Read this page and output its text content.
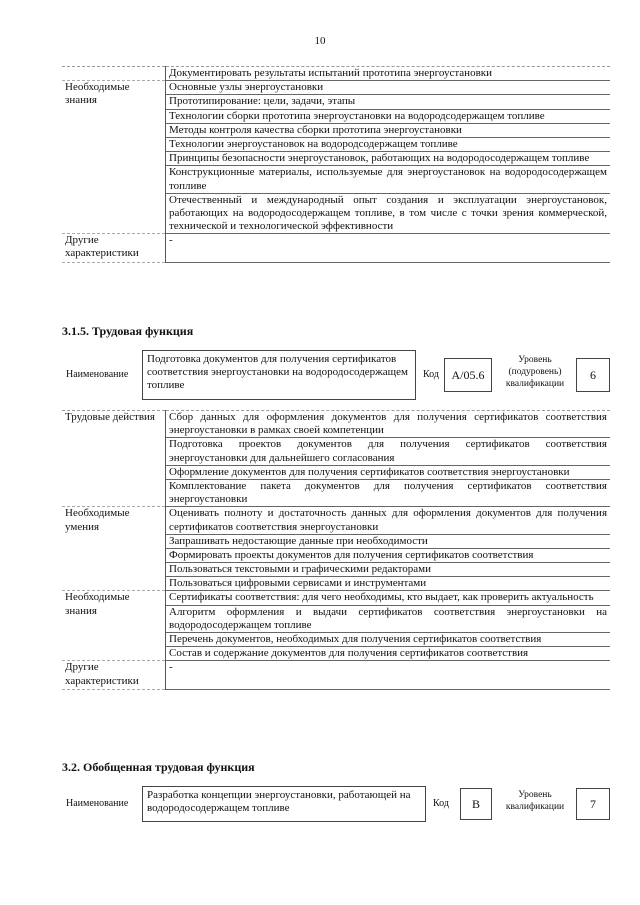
10
	Документировать результаты испытаний прототипа энергоустановки
Необходимые знания	Основные узлы энергоустановки
	Прототипирование: цели, задачи, этапы
	Технологии сборки прототипа энергоустановки на водородсодержащем топливе
	Методы контроля качества сборки прототипа энергоустановки
	Технологии энергоустановок на водородсодержащем топливе
	Принципы безопасности энергоустановок, работающих на водородосодержащем топливе
	Конструкционные материалы, используемые для энергоустановок на водородосодержащем топливе
	Отечественный и международный опыт создания и эксплуатации энергоустановок, работающих на водородосодержащем топливе, в том числе с точки зрения коммерческой, технической и технологической эффективности
Другие характеристики	-
3.1.5. Трудовая функция
Наименование
Подготовка документов для получения сертификатов соответствия энергоустановки на водородосодержащем топливе
Код	A/05.6
Уровень (подуровень) квалификации
6
Трудовые действия	Сбор данных для оформления документов для получения сертификатов соответствия энергоустановки в рамках своей компетенции
	Подготовка проектов документов для получения сертификатов соответствия энергоустановки для дальнейшего согласования
	Оформление документов для получения сертификатов соответствия энергоустановки
	Комплектование пакета документов для получения сертификатов соответствия энергоустановки
Необходимые умения	Оценивать полноту и достаточность данных для оформления документов для получения сертификатов соответствия энергоустановки
	Запрашивать недостающие данные при необходимости
	Формировать проекты документов для получения сертификатов соответствия
	Пользоваться текстовыми и графическими редакторами
	Пользоваться цифровыми сервисами и инструментами
Необходимые знания	Сертификаты соответствия: для чего необходимы, кто выдает, как проверить актуальность
	Алгоритм оформления и выдачи сертификатов соответствия энергоустановки на водородосодержащем топливе
	Перечень документов, необходимых для получения сертификатов соответствия
	Состав и содержание документов для получения сертификатов соответствия
Другие характеристики	-
3.2. Обобщенная трудовая функция
Наименование
Разработка концепции энергоустановки, работающей на водородосодержащем топливе	Код	B
Уровень квалификации	7
